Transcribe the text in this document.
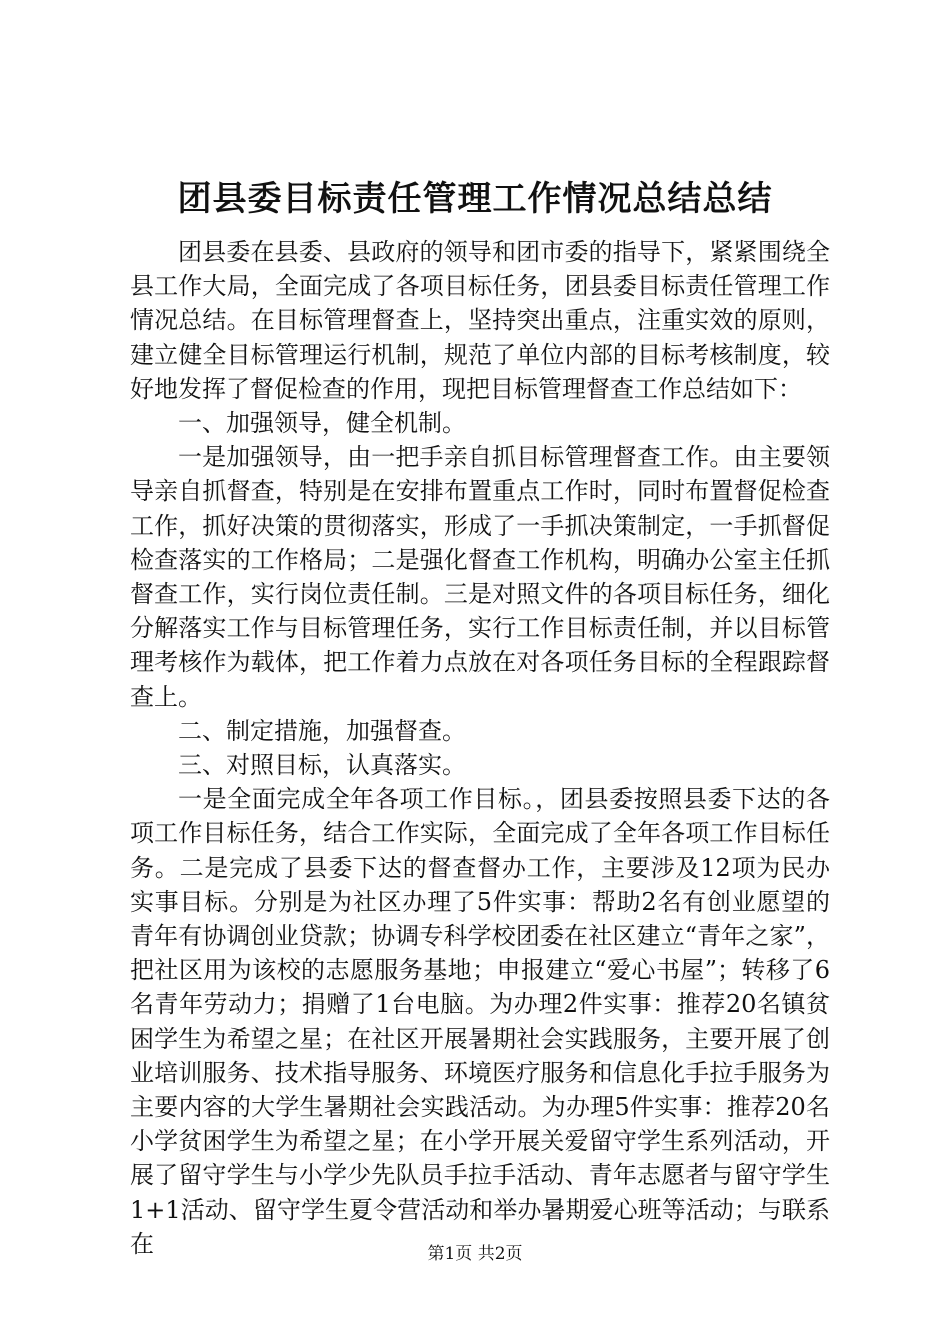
团县委目标责任管理工作情况总结总结

团县委在县委、县政府的领导和团市委的指导下，紧紧围绕全县工作大局，全面完成了各项目标任务，团县委目标责任管理工作情况总结。在目标管理督查上，坚持突出重点，注重实效的原则，建立健全目标管理运行机制，规范了单位内部的目标考核制度，较好地发挥了督促检查的作用，现把目标管理督查工作总结如下：

一、加强领导，健全机制。

一是加强领导，由一把手亲自抓目标管理督查工作。由主要领导亲自抓督查，特别是在安排布置重点工作时，同时布置督促检查工作，抓好决策的贯彻落实，形成了一手抓决策制定，一手抓督促检查落实的工作格局；二是强化督查工作机构，明确办公室主任抓督查工作，实行岗位责任制。三是对照文件的各项目标任务，细化分解落实工作与目标管理任务，实行工作目标责任制，并以目标管理考核作为载体，把工作着力点放在对各项任务目标的全程跟踪督查上。

二、制定措施，加强督查。

三、对照目标，认真落实。

一是全面完成全年各项工作目标。，团县委按照县委下达的各项工作目标任务，结合工作实际，全面完成了全年各项工作目标任务。二是完成了县委下达的督查督办工作，主要涉及12项为民办实事目标。分别是为社区办理了5件实事：帮助2名有创业愿望的青年有协调创业贷款；协调专科学校团委在社区建立“青年之家”，把社区用为该校的志愿服务基地；申报建立“爱心书屋”；转移了6名青年劳动力；捐赠了1台电脑。为办理2件实事：推荐20名镇贫困学生为希望之星；在社区开展暑期社会实践服务，主要开展了创业培训服务、技术指导服务、环境医疗服务和信息化手拉手服务为主要内容的大学生暑期社会实践活动。为办理5件实事：推荐20名小学贫困学生为希望之星；在小学开展关爱留守学生系列活动，开展了留守学生与小学少先队员手拉手活动、青年志愿者与留守学生1+1活动、留守学生夏令营活动和举办暑期爱心班等活动；与联系在	第1页 共2页
